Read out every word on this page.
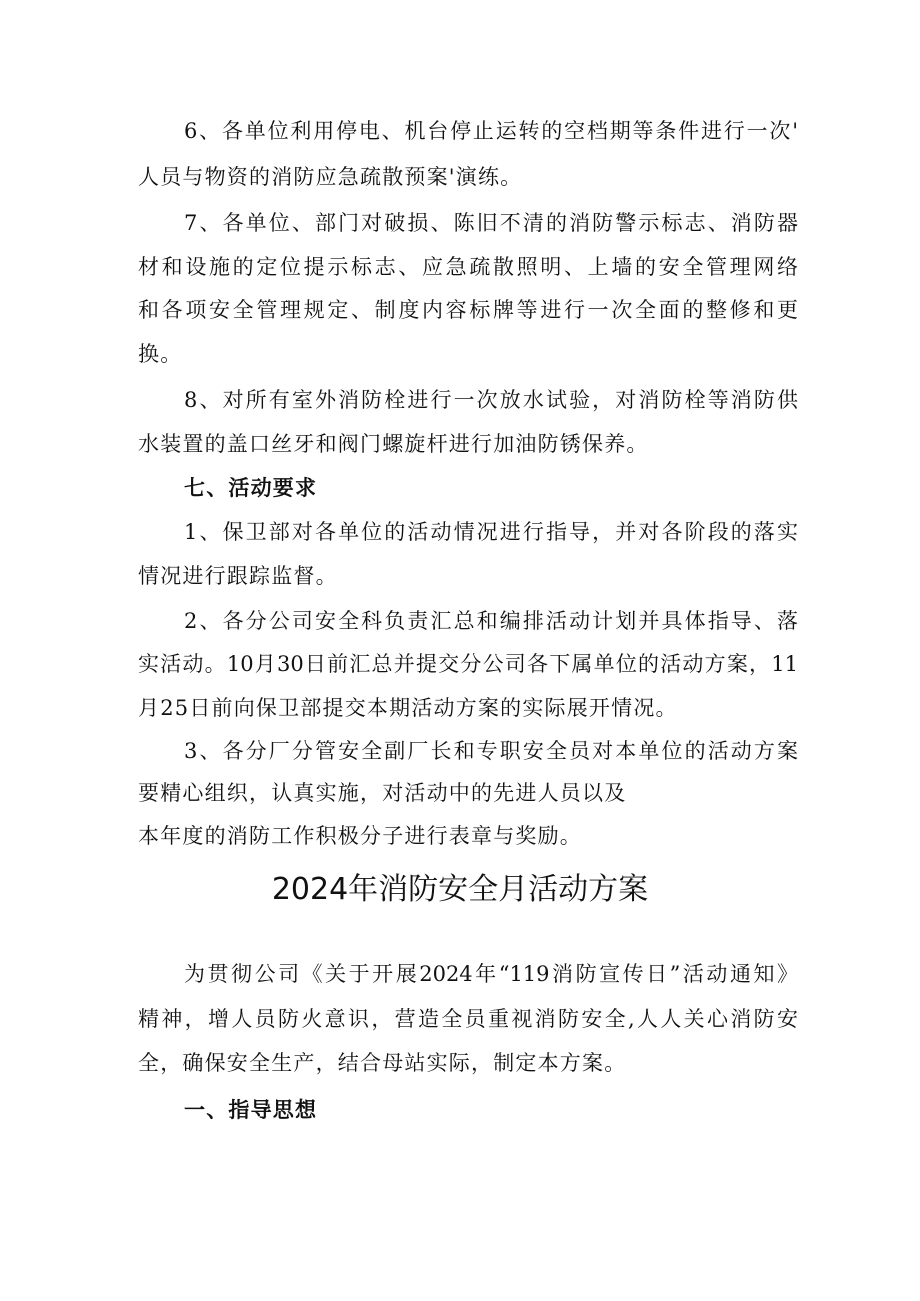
6、各单位利用停电、机台停止运转的空档期等条件进行一次'
人员与物资的消防应急疏散预案'演练。
7、各单位、部门对破损、陈旧不清的消防警示标志、消防器
材和设施的定位提示标志、应急疏散照明、上墙的安全管理网络
和各项安全管理规定、制度内容标牌等进行一次全面的整修和更
换。
8、对所有室外消防栓进行一次放水试验，对消防栓等消防供
水装置的盖口丝牙和阀门螺旋杆进行加油防锈保养。
七、活动要求
1、保卫部对各单位的活动情况进行指导，并对各阶段的落实
情况进行跟踪监督。
2、各分公司安全科负责汇总和编排活动计划并具体指导、落
实活动。10月30日前汇总并提交分公司各下属单位的活动方案，11
月25日前向保卫部提交本期活动方案的实际展开情况。
3、各分厂分管安全副厂长和专职安全员对本单位的活动方案
要精心组织，认真实施，对活动中的先进人员以及
本年度的消防工作积极分子进行表章与奖励。
2024年消防安全月活动方案
为贯彻公司《关于开展2024年“119消防宣传日”活动通知》
精神，增人员防火意识，营造全员重视消防安全,人人关心消防安
全，确保安全生产，结合母站实际，制定本方案。
一、指导思想
